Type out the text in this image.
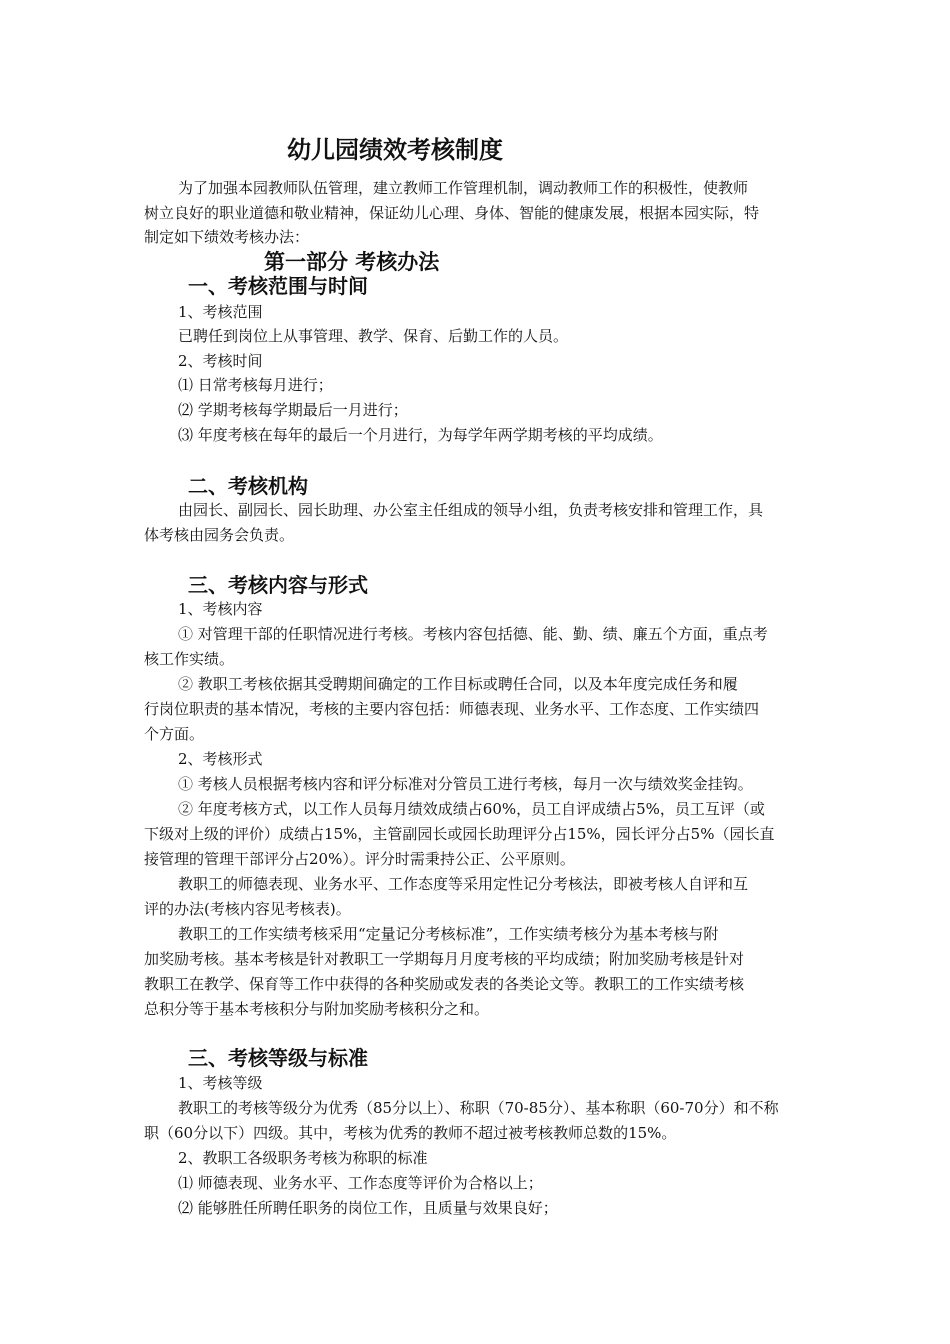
幼儿园绩效考核制度
为了加强本园教师队伍管理，建立教师工作管理机制，调动教师工作的积极性，使教师
树立良好的职业道德和敬业精神，保证幼儿心理、身体、智能的健康发展，根据本园实际，特
制定如下绩效考核办法：
第一部分 考核办法
一、考核范围与时间
1、考核范围
已聘任到岗位上从事管理、教学、保育、后勤工作的人员。
2、考核时间
⑴ 日常考核每月进行；
⑵ 学期考核每学期最后一月进行；
⑶ 年度考核在每年的最后一个月进行，为每学年两学期考核的平均成绩。
二、考核机构
由园长、副园长、园长助理、办公室主任组成的领导小组，负责考核安排和管理工作，具
体考核由园务会负责。
三、考核内容与形式
1、考核内容
① 对管理干部的任职情况进行考核。考核内容包括德、能、勤、绩、廉五个方面，重点考
核工作实绩。
② 教职工考核依据其受聘期间确定的工作目标或聘任合同，以及本年度完成任务和履
行岗位职责的基本情况，考核的主要内容包括：师德表现、业务水平、工作态度、工作实绩四
个方面。
2、考核形式
① 考核人员根据考核内容和评分标准对分管员工进行考核，每月一次与绩效奖金挂钩。
② 年度考核方式，以工作人员每月绩效成绩占60%，员工自评成绩占5%，员工互评（或
下级对上级的评价）成绩占15%，主管副园长或园长助理评分占15%，园长评分占5%（园长直
接管理的管理干部评分占20%）。评分时需秉持公正、公平原则。
教职工的师德表现、业务水平、工作态度等采用定性记分考核法，即被考核人自评和互
评的办法(考核内容见考核表)。
教职工的工作实绩考核采用“定量记分考核标准”，工作实绩考核分为基本考核与附
加奖励考核。基本考核是针对教职工一学期每月月度考核的平均成绩；附加奖励考核是针对
教职工在教学、保育等工作中获得的各种奖励或发表的各类论文等。教职工的工作实绩考核
总积分等于基本考核积分与附加奖励考核积分之和。
三、考核等级与标准
1、考核等级
教职工的考核等级分为优秀（85分以上）、称职（70-85分）、基本称职（60-70分）和不称
职（60分以下）四级。其中，考核为优秀的教师不超过被考核教师总数的15%。
2、教职工各级职务考核为称职的标准
⑴ 师德表现、业务水平、工作态度等评价为合格以上；
⑵ 能够胜任所聘任职务的岗位工作，且质量与效果良好；
